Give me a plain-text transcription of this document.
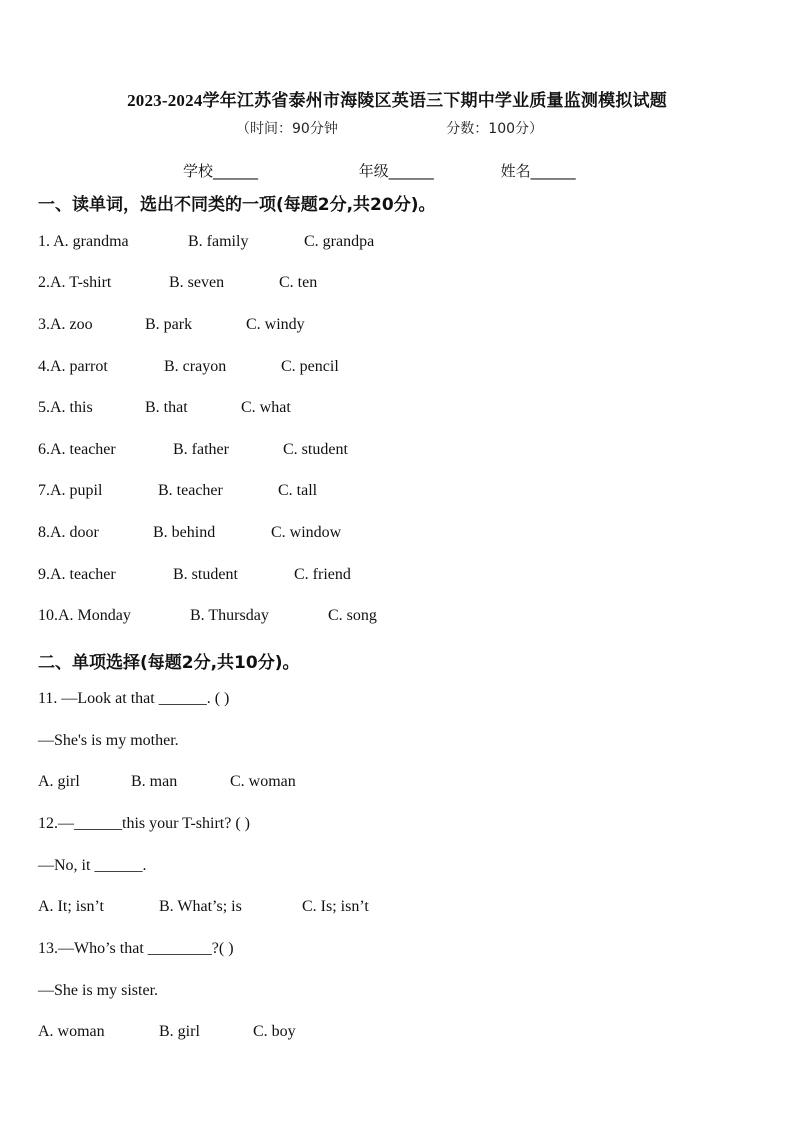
2023-2024学年江苏省泰州市海陵区英语三下期中学业质量监测模拟试题
（时间：90分钟	分数：100分）
学校______	年级______	姓名______
一、读单词，选出不同类的一项(每题2分,共20分)。
1. A. grandma	B. family	C. grandpa
2.A. T-shirt	B. seven	C. ten
3.A. zoo	B. park	C. windy
4.A. parrot	B. crayon	C. pencil
5.A. this	B. that	C. what
6.A. teacher	B. father	C. student
7.A. pupil	B. teacher	C. tall
8.A. door	B. behind	C. window
9.A. teacher	B. student	C. friend
10.A. Monday	B. Thursday	C. song
二、单项选择(每题2分,共10分)。
11. —Look at that ______. ( )
—She's is my mother.
A. girl	B. man	C. woman
12.—______this your T-shirt? ( )
—No, it ______.
A. It; isn’t	B. What’s; is	C. Is; isn’t
13.—Who’s that ________?( )
—She is my sister.
A. woman	B. girl	C. boy
